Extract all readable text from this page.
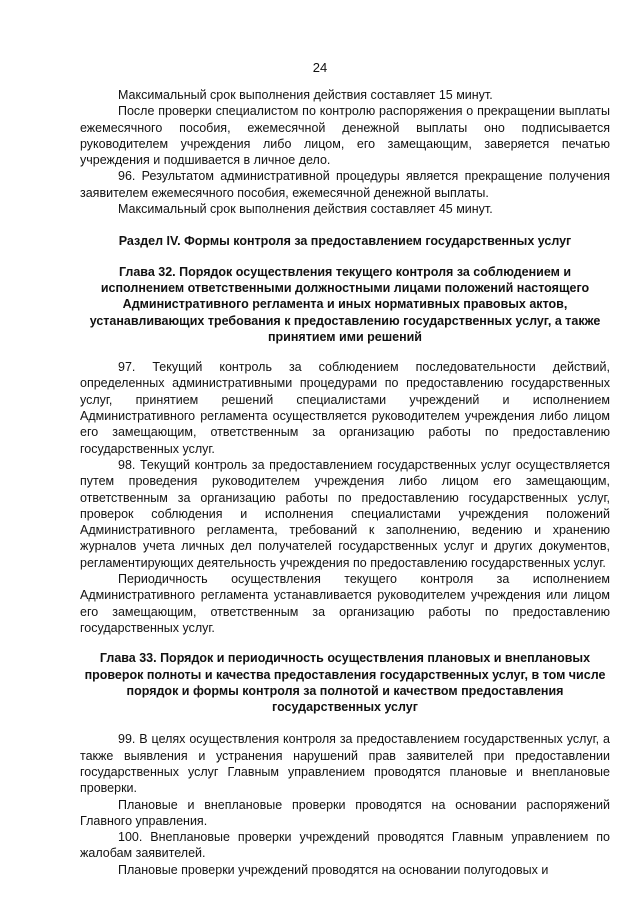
24

Максимальный срок выполнения действия составляет 15 минут.

После проверки специалистом по контролю распоряжения о прекращении выплаты ежемесячного пособия, ежемесячной денежной выплаты оно подписывается руководителем учреждения либо лицом, его замещающим, заверяется печатью учреждения и подшивается в личное дело.

96. Результатом административной процедуры является прекращение получения заявителем ежемесячного пособия, ежемесячной денежной выплаты.

Максимальный срок выполнения действия составляет 45 минут.

Раздел IV. Формы контроля за предоставлением государственных услуг
Глава 32. Порядок осуществления текущего контроля за соблюдением и исполнением ответственными должностными лицами положений настоящего Административного регламента и иных нормативных правовых актов, устанавливающих требования к предоставлению государственных услуг, а также принятием ими решений

97. Текущий контроль за соблюдением последовательности действий, определенных административными процедурами по предоставлению государственных услуг, принятием решений специалистами учреждений и исполнением Административного регламента осуществляется руководителем учреждения либо лицом его замещающим, ответственным за организацию работы по предоставлению государственных услуг.

98. Текущий контроль за предоставлением государственных услуг осуществляется путем проведения руководителем учреждения либо лицом его замещающим, ответственным за организацию работы по предоставлению государственных услуг, проверок соблюдения и исполнения специалистами учреждения положений Административного регламента, требований к заполнению, ведению и хранению журналов учета личных дел получателей государственных услуг и других документов, регламентирующих деятельность учреждения по предоставлению государственных услуг.

Периодичность осуществления текущего контроля за исполнением Административного регламента устанавливается руководителем учреждения или лицом его замещающим, ответственным за организацию работы по предоставлению государственных услуг.

Глава 33. Порядок и периодичность осуществления плановых и внеплановых проверок полноты и качества предоставления государственных услуг, в том числе порядок и формы контроля за полнотой и качеством предоставления государственных услуг

99. В целях осуществления контроля за предоставлением государственных услуг, а также выявления и устранения нарушений прав заявителей при предоставлении государственных услуг Главным управлением проводятся плановые и внеплановые проверки.

Плановые и внеплановые проверки проводятся на основании распоряжений Главного управления.

100. Внеплановые проверки учреждений проводятся Главным управлением по жалобам заявителей.

Плановые проверки учреждений проводятся на основании полугодовых и
